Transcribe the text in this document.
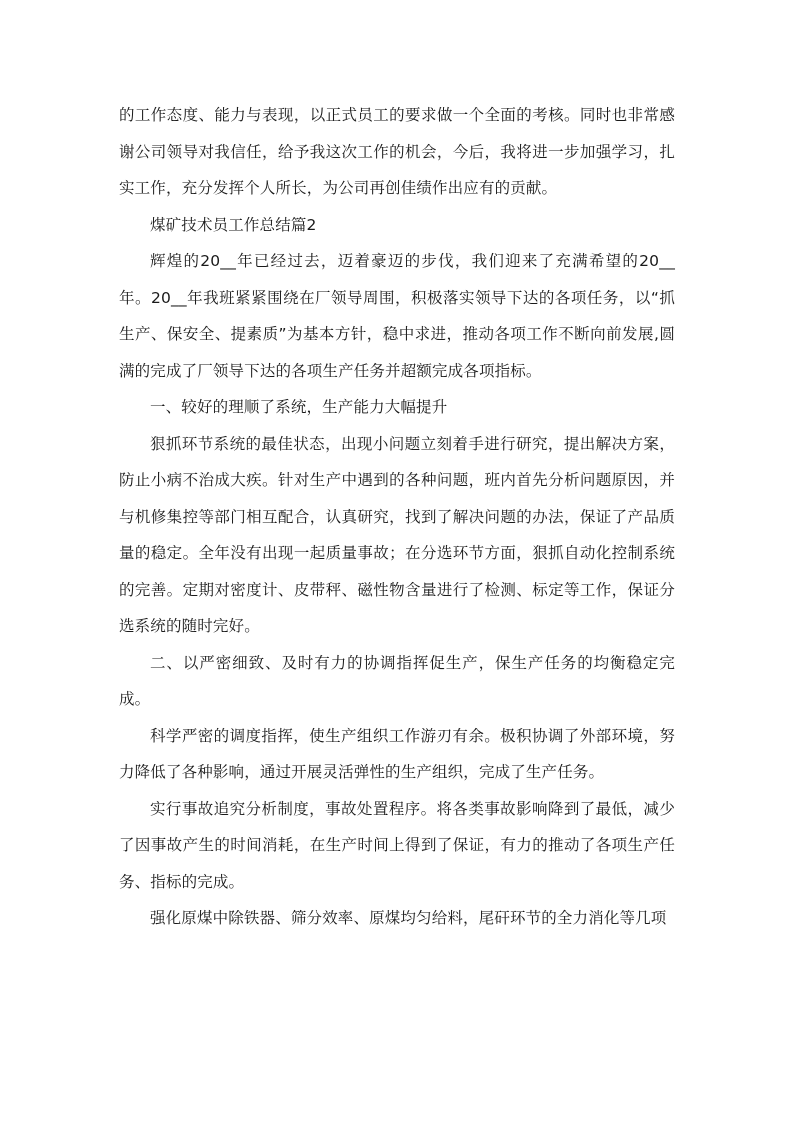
的工作态度、能力与表现，以正式员工的要求做一个全面的考核。同时也非常感谢公司领导对我信任，给予我这次工作的机会，今后，我将进一步加强学习，扎实工作，充分发挥个人所长，为公司再创佳绩作出应有的贡献。

煤矿技术员工作总结篇2

辉煌的20__年已经过去，迈着豪迈的步伐，我们迎来了充满希望的20__年。20__年我班紧紧围绕在厂领导周围，积极落实领导下达的各项任务，以“抓生产、保安全、提素质”为基本方针，稳中求进，推动各项工作不断向前发展,圆满的完成了厂领导下达的各项生产任务并超额完成各项指标。

一、较好的理顺了系统，生产能力大幅提升

狠抓环节系统的最佳状态，出现小问题立刻着手进行研究，提出解决方案，防止小病不治成大疾。针对生产中遇到的各种问题，班内首先分析问题原因，并与机修集控等部门相互配合，认真研究，找到了解决问题的办法，保证了产品质量的稳定。全年没有出现一起质量事故；在分选环节方面，狠抓自动化控制系统的完善。定期对密度计、皮带秤、磁性物含量进行了检测、标定等工作，保证分选系统的随时完好。

二、以严密细致、及时有力的协调指挥促生产，保生产任务的均衡稳定完成。

科学严密的调度指挥，使生产组织工作游刃有余。极积协调了外部环境，努力降低了各种影响，通过开展灵活弹性的生产组织，完成了生产任务。

实行事故追究分析制度，事故处置程序。将各类事故影响降到了最低，减少了因事故产生的时间消耗，在生产时间上得到了保证，有力的推动了各项生产任务、指标的完成。

强化原煤中除铁器、筛分效率、原煤均匀给料，尾矸环节的全力消化等几项
